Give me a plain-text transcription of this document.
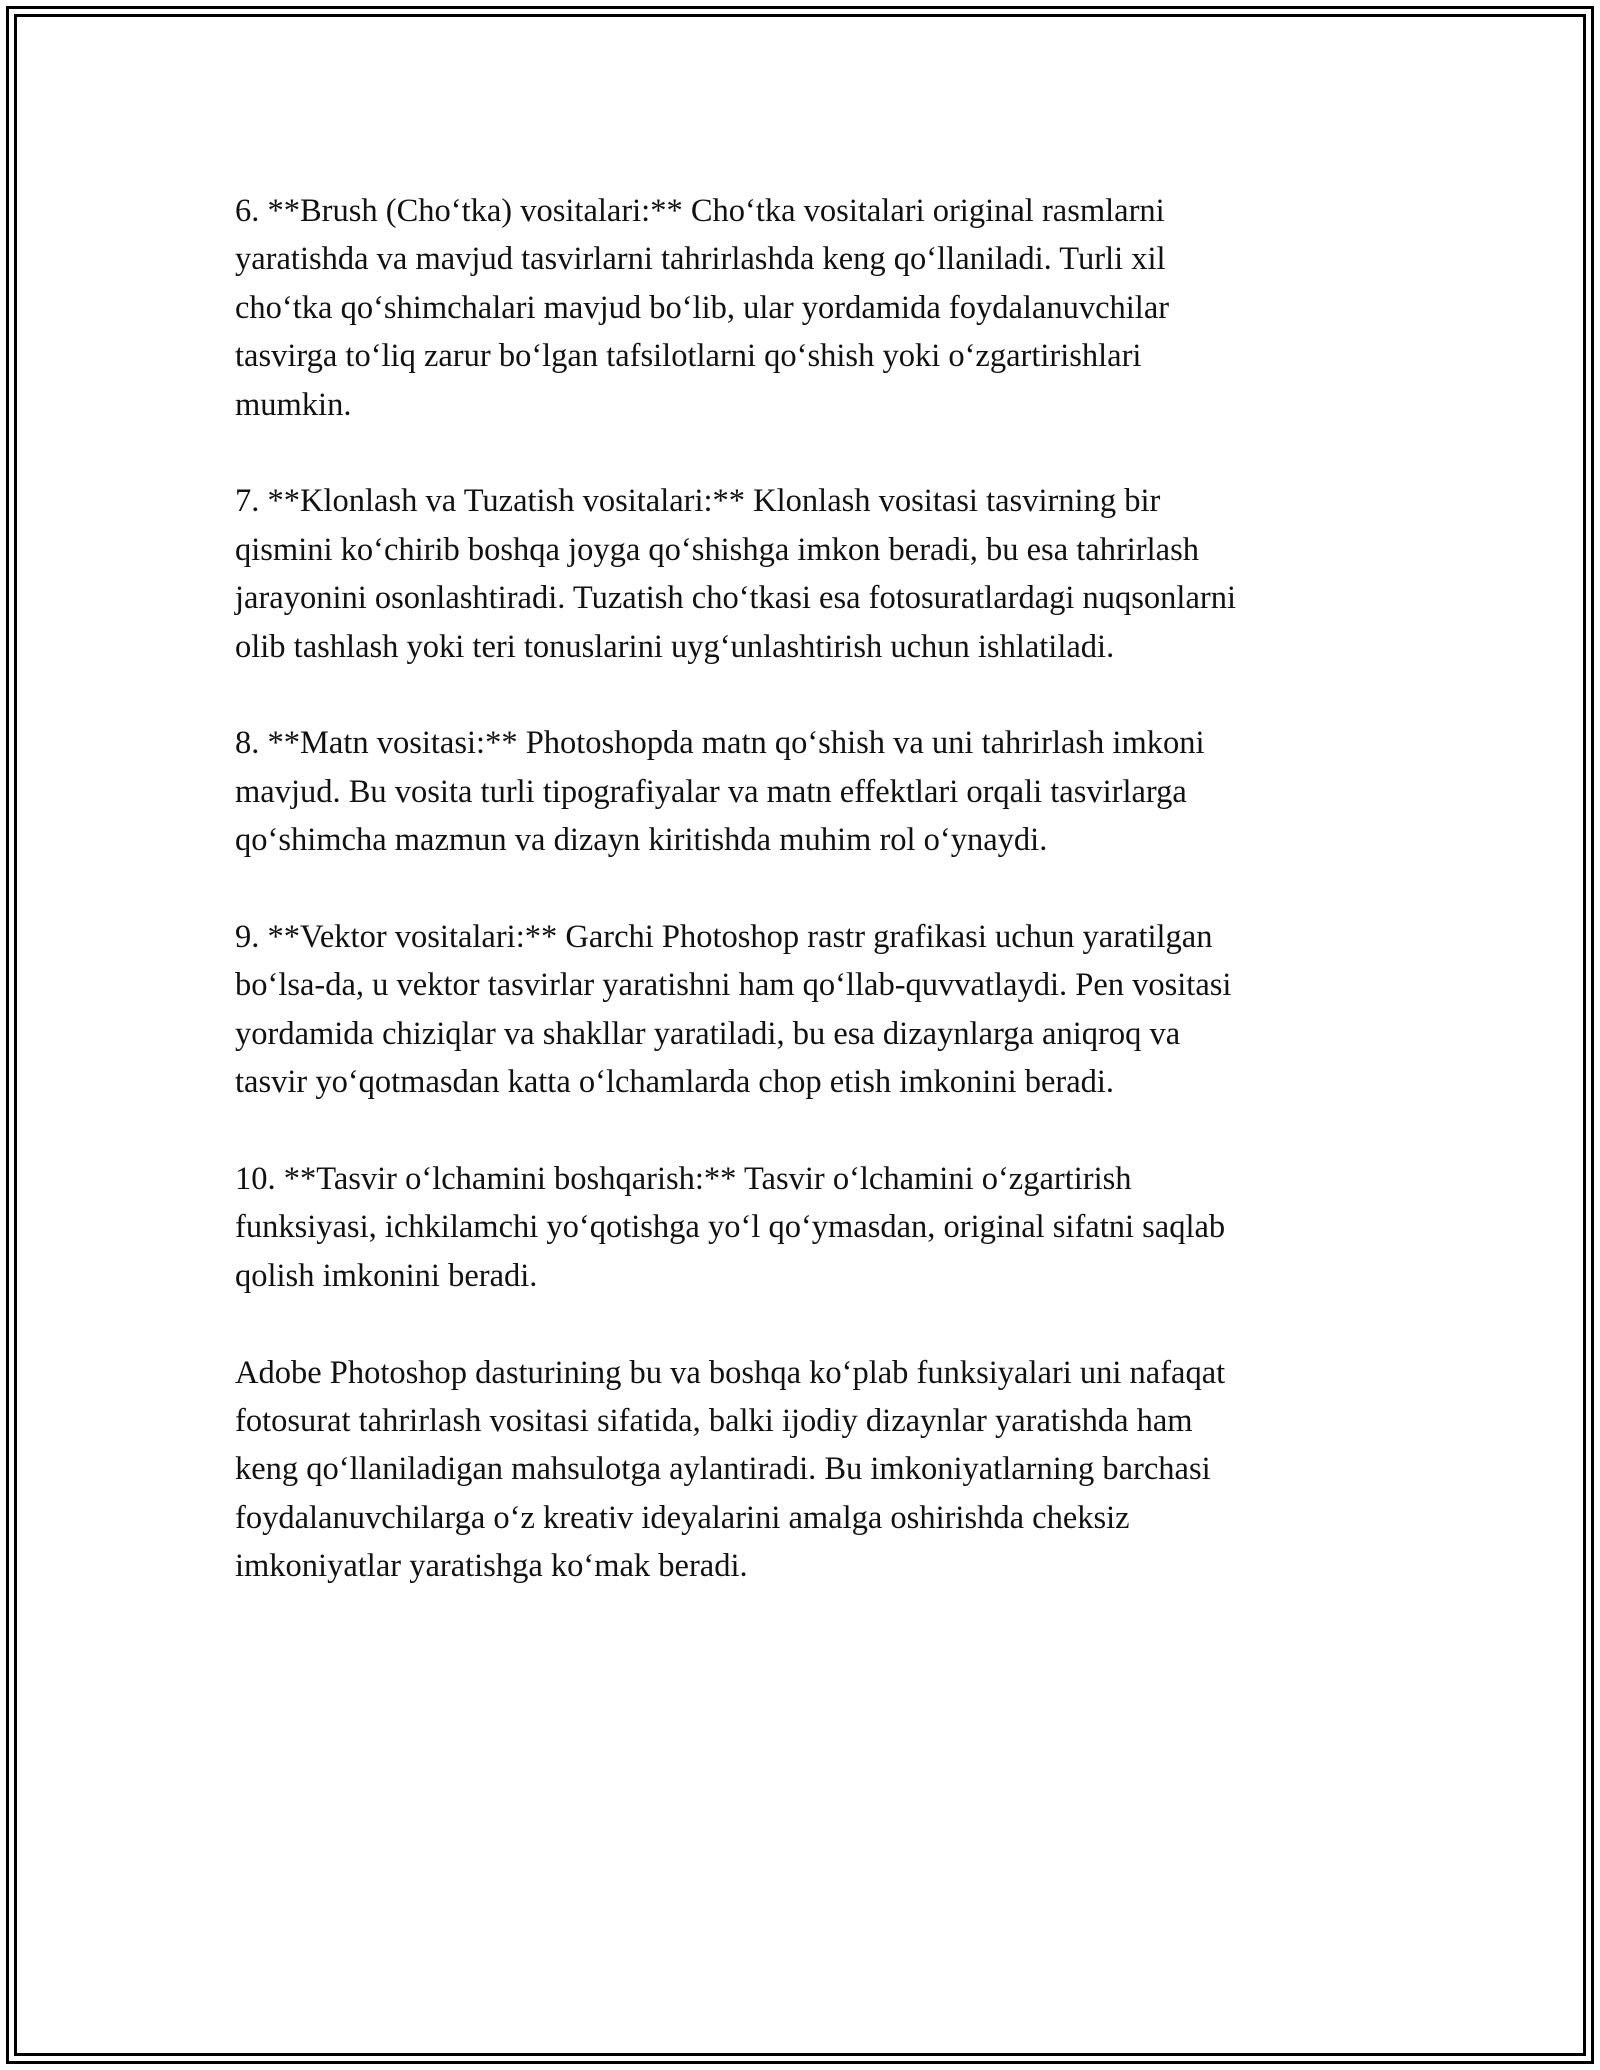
6. **Brush (Cho‘tka) vositalari:** Cho‘tka vositalari original rasmlarni
yaratishda va mavjud tasvirlarni tahrirlashda keng qo‘llaniladi. Turli xil
cho‘tka qo‘shimchalari mavjud bo‘lib, ular yordamida foydalanuvchilar
tasvirga to‘liq zarur bo‘lgan tafsilotlarni qo‘shish yoki o‘zgartirishlari
mumkin.

7. **Klonlash va Tuzatish vositalari:** Klonlash vositasi tasvirning bir
qismini ko‘chirib boshqa joyga qo‘shishga imkon beradi, bu esa tahrirlash
jarayonini osonlashtiradi. Tuzatish cho‘tkasi esa fotosuratlardagi nuqsonlarni
olib tashlash yoki teri tonuslarini uyg‘unlashtirish uchun ishlatiladi.

8. **Matn vositasi:** Photoshopda matn qo‘shish va uni tahrirlash imkoni
mavjud. Bu vosita turli tipografiyalar va matn effektlari orqali tasvirlarga
qo‘shimcha mazmun va dizayn kiritishda muhim rol o‘ynaydi.

9. **Vektor vositalari:** Garchi Photoshop rastr grafikasi uchun yaratilgan
bo‘lsa-da, u vektor tasvirlar yaratishni ham qo‘llab-quvvatlaydi. Pen vositasi
yordamida chiziqlar va shakllar yaratiladi, bu esa dizaynlarga aniqroq va
tasvir yo‘qotmasdan katta o‘lchamlarda chop etish imkonini beradi.

10. **Tasvir o‘lchamini boshqarish:** Tasvir o‘lchamini o‘zgartirish
funksiyasi, ichkilamchi yo‘qotishga yo‘l qo‘ymasdan, original sifatni saqlab
qolish imkonini beradi.

Adobe Photoshop dasturining bu va boshqa ko‘plab funksiyalari uni nafaqat
fotosurat tahrirlash vositasi sifatida, balki ijodiy dizaynlar yaratishda ham
keng qo‘llaniladigan mahsulotga aylantiradi. Bu imkoniyatlarning barchasi
foydalanuvchilarga o‘z kreativ ideyalarini amalga oshirishda cheksiz
imkoniyatlar yaratishga ko‘mak beradi.
